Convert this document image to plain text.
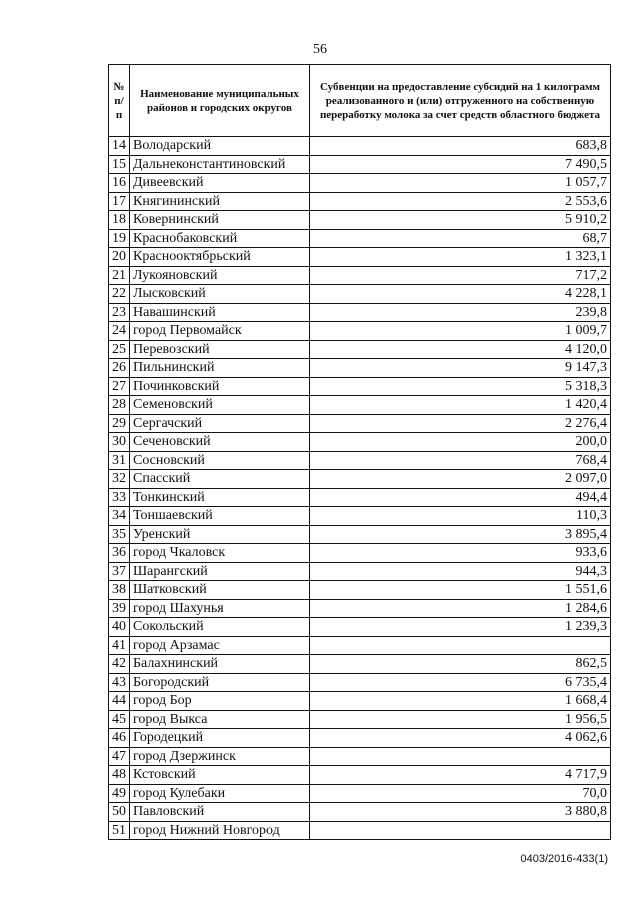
56
№ п/п	Наименование муниципальных районов и городских округов	Субвенции на предоставление субсидий на 1 килограмм реализованного и (или) отгруженного на собственную переработку молока за счет средств областного бюджета
14	Володарский	683,8
15	Дальнеконстантиновский	7 490,5
16	Дивеевский	1 057,7
17	Княгининский	2 553,6
18	Ковернинский	5 910,2
19	Краснобаковский	68,7
20	Краснооктябрьский	1 323,1
21	Лукояновский	717,2
22	Лысковский	4 228,1
23	Навашинский	239,8
24	город Первомайск	1 009,7
25	Перевозский	4 120,0
26	Пильнинский	9 147,3
27	Починковский	5 318,3
28	Семеновский	1 420,4
29	Сергачский	2 276,4
30	Сеченовский	200,0
31	Сосновский	768,4
32	Спасский	2 097,0
33	Тонкинский	494,4
34	Тоншаевский	110,3
35	Уренский	3 895,4
36	город Чкаловск	933,6
37	Шарангский	944,3
38	Шатковский	1 551,6
39	город Шахунья	1 284,6
40	Сокольский	1 239,3
41	город Арзамас	
42	Балахнинский	862,5
43	Богородский	6 735,4
44	город Бор	1 668,4
45	город Выкса	1 956,5
46	Городецкий	4 062,6
47	город Дзержинск	
48	Кстовский	4 717,9
49	город Кулебаки	70,0
50	Павловский	3 880,8
51	город Нижний Новгород	
0403/2016-433(1)
